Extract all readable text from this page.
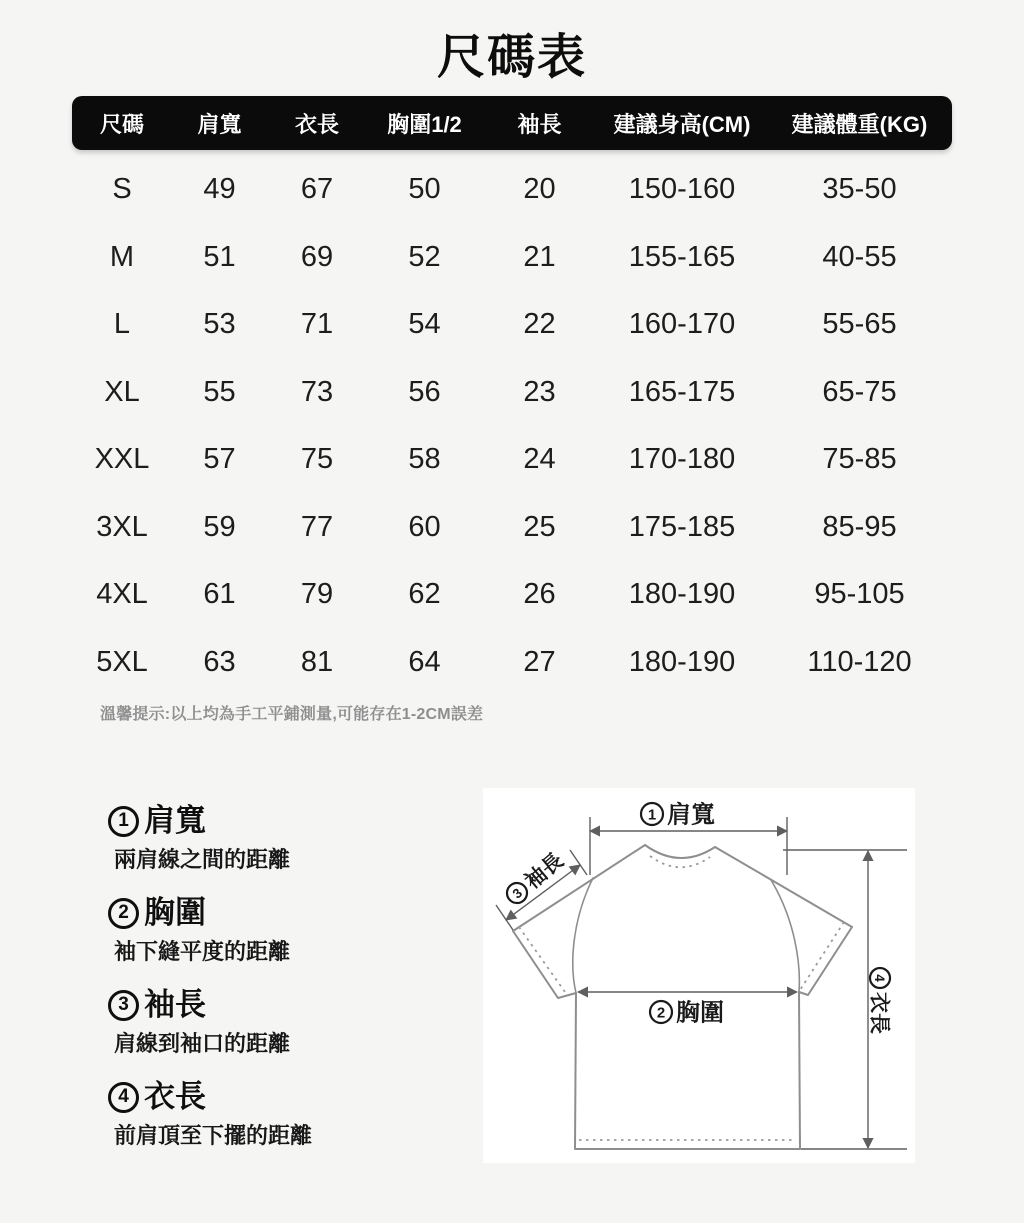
尺碼表
尺碼	肩寬	衣長	胸圍1/2	袖長	建議身高(CM)	建議體重(KG)
S	49	67	50	20	150-160	35-50
M	51	69	52	21	155-165	40-55
L	53	71	54	22	160-170	55-65
XL	55	73	56	23	165-175	65-75
XXL	57	75	58	24	170-180	75-85
3XL	59	77	60	25	175-185	85-95
4XL	61	79	62	26	180-190	95-105
5XL	63	81	64	27	180-190	110-120
溫馨提示:以上均為手工平鋪測量,可能存在1-2CM誤差
1 肩寬
兩肩線之間的距離
2 胸圍
袖下縫平度的距離
3 袖長
肩線到袖口的距離
4 衣長
前肩頂至下擺的距離
1 肩寬
2 胸圍
3
袖長
4
衣長
